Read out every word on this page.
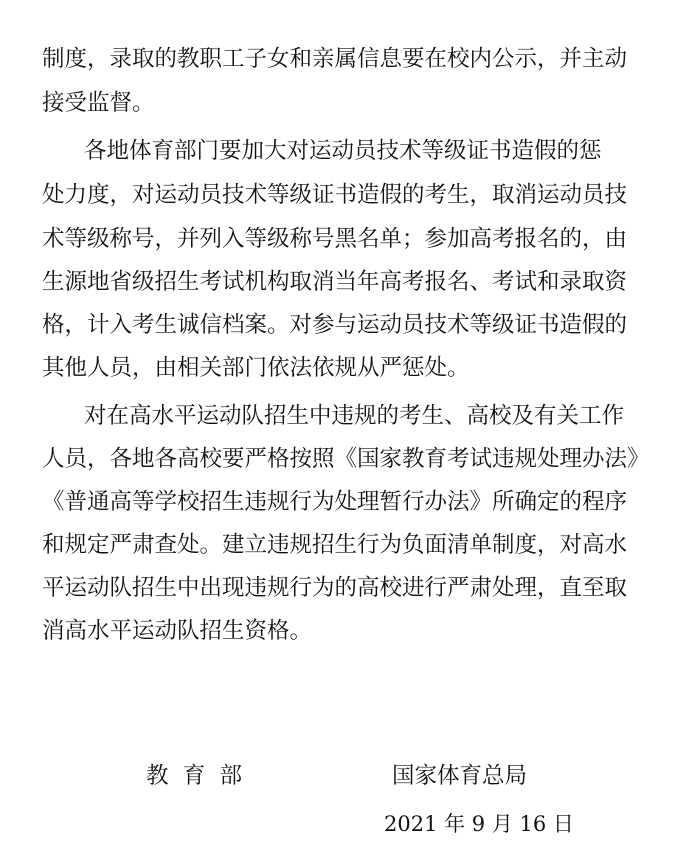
制度，录取的教职工子女和亲属信息要在校内公示，并主动
接受监督。
各地体育部门要加大对运动员技术等级证书造假的惩
处力度，对运动员技术等级证书造假的考生，取消运动员技
术等级称号，并列入等级称号黑名单；参加高考报名的，由
生源地省级招生考试机构取消当年高考报名、考试和录取资
格，计入考生诚信档案。对参与运动员技术等级证书造假的
其他人员，由相关部门依法依规从严惩处。
对在高水平运动队招生中违规的考生、高校及有关工作
人员，各地各高校要严格按照《国家教育考试违规处理办法》
《普通高等学校招生违规行为处理暂行办法》所确定的程序
和规定严肃查处。建立违规招生行为负面清单制度，对高水
平运动队招生中出现违规行为的高校进行严肃处理，直至取
消高水平运动队招生资格。
教  育  部	国家体育总局
2021 年 9 月 16 日
